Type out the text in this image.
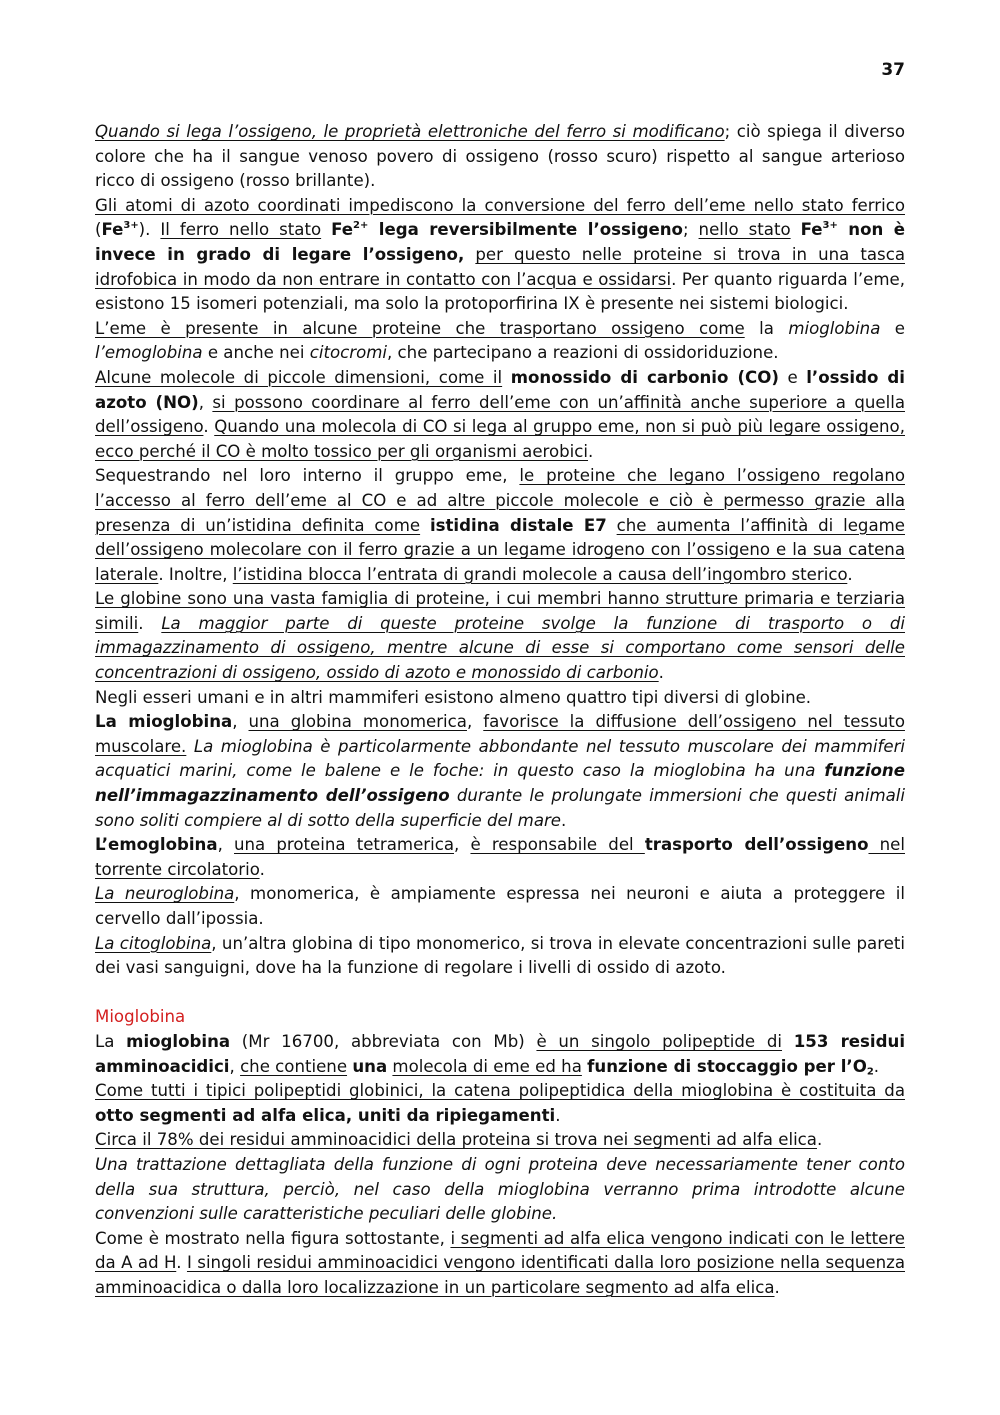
37

Quando si lega l’ossigeno, le proprietà elettroniche del ferro si modificano; ciò spiega il diverso colore che ha il sangue venoso povero di ossigeno (rosso scuro) rispetto al sangue arterioso ricco di ossigeno (rosso brillante).

Gli atomi di azoto coordinati impediscono la conversione del ferro dell’eme nello stato ferrico $(Fe^{3+})$. Il ferro nello stato $Fe^{2+}$ lega reversibilmente l’ossigeno; nello stato $Fe^{3+}$ non è invece in grado di legare l’ossigeno, per questo nelle proteine si trova in una tasca idrofobica in modo da non entrare in contatto con l’acqua e ossidarsi. Per quanto riguarda l’eme, esistono 15 isomeri potenziali, ma solo la protoporfirina IX è presente nei sistemi biologici.

L’eme è presente in alcune proteine che trasportano ossigeno come la mioglobina e l’emoglobina e anche nei citocromi, che partecipano a reazioni di ossidoriduzione.

Alcune molecole di piccole dimensioni, come il monossido di carbonio (CO) e l’ossido di azoto (NO), si possono coordinare al ferro dell’eme con un’affinità anche superiore a quella dell’ossigeno. Quando una molecola di CO si lega al gruppo eme, non si può più legare ossigeno, ecco perché il CO è molto tossico per gli organismi aerobici.

Sequestrando nel loro interno il gruppo eme, le proteine che legano l’ossigeno regolano l’accesso al ferro dell’eme al CO e ad altre piccole molecole e ciò è permesso grazie alla presenza di un’istidina definita come istidina distale E7 che aumenta l’affinità di legame dell’ossigeno molecolare con il ferro grazie a un legame idrogeno con l’ossigeno e la sua catena laterale. Inoltre, l’istidina blocca l’entrata di grandi molecole a causa dell’ingombro sterico.

Le globine sono una vasta famiglia di proteine, i cui membri hanno strutture primaria e terziaria simili. La maggior parte di queste proteine svolge la funzione di trasporto o di immagazzinamento di ossigeno, mentre alcune di esse si comportano come sensori delle concentrazioni di ossigeno, ossido di azoto e monossido di carbonio.

Negli esseri umani e in altri mammiferi esistono almeno quattro tipi diversi di globine.

La mioglobina, una globina monomerica, favorisce la diffusione dell’ossigeno nel tessuto muscolare. La mioglobina è particolarmente abbondante nel tessuto muscolare dei mammiferi acquatici marini, come le balene e le foche: in questo caso la mioglobina ha una funzione nell’immagazzinamento dell’ossigeno durante le prolungate immersioni che questi animali sono soliti compiere al di sotto della superficie del mare.

L’emoglobina, una proteina tetramerica, è responsabile del trasporto dell’ossigeno nel torrente circolatorio.

La neuroglobina, monomerica, è ampiamente espressa nei neuroni e aiuta a proteggere il cervello dall’ipossia.

La citoglobina, un’altra globina di tipo monomerico, si trova in elevate concentrazioni sulle pareti dei vasi sanguigni, dove ha la funzione di regolare i livelli di ossido di azoto.

Mioglobina

La mioglobina (Mr 16700, abbreviata con Mb) è un singolo polipeptide di 153 residui amminoacidici, che contiene una molecola di eme ed ha funzione di stoccaggio per $l’O_2$.

Come tutti i tipici polipeptidi globinici, la catena polipeptidica della mioglobina è costituita da otto segmenti ad alfa elica, uniti da ripiegamenti.

Circa il 78% dei residui amminoacidici della proteina si trova nei segmenti ad alfa elica.

Una trattazione dettagliata della funzione di ogni proteina deve necessariamente tener conto della sua struttura, perciò, nel caso della mioglobina verranno prima introdotte alcune convenzioni sulle caratteristiche peculiari delle globine.

Come è mostrato nella figura sottostante, i segmenti ad alfa elica vengono indicati con le lettere da A ad H. I singoli residui amminoacidici vengono identificati dalla loro posizione nella sequenza amminoacidica o dalla loro localizzazione in un particolare segmento ad alfa elica.
